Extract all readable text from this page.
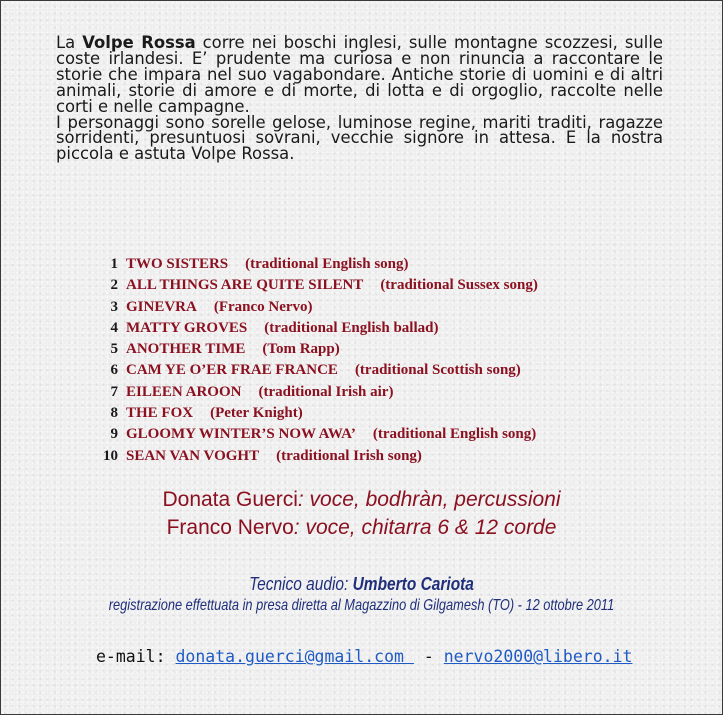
La Volpe Rossa corre nei boschi inglesi, sulle montagne scozzesi, sulle coste irlandesi. E’ prudente ma curiosa e non rinuncia a raccontare le storie che impara nel suo vagabondare. Antiche storie di uomini e di altri animali, storie di amore e di morte, di lotta e di orgoglio, raccolte nelle corti e nelle campagne.

I personaggi sono sorelle gelose, luminose regine, mariti traditi, ragazze sorridenti, presuntuosi sovrani, vecchie signore in attesa. E la nostra piccola e astuta Volpe Rossa.

1 TWO SISTERS (traditional English song)
2 ALL THINGS ARE QUITE SILENT (traditional Sussex song)
3 GINEVRA (Franco Nervo)
4 MATTY GROVES (traditional English ballad)
5 ANOTHER TIME (Tom Rapp)
6 CAM YE O’ER FRAE FRANCE (traditional Scottish song)
7 EILEEN AROON (traditional Irish air)
8 THE FOX (Peter Knight)
9 GLOOMY WINTER’S NOW AWA’ (traditional English song)
10 SEAN VAN VOGHT (traditional Irish song)
Donata Guerci: voce, bodhràn, percussioni
Franco Nervo: voce, chitarra 6 & 12 corde
Tecnico audio: Umberto Cariota
registrazione effettuata in presa diretta al Magazzino di Gilgamesh (TO) - 12 ottobre 2011
e-mail: donata.guerci@gmail.com  - nervo2000@libero.it
